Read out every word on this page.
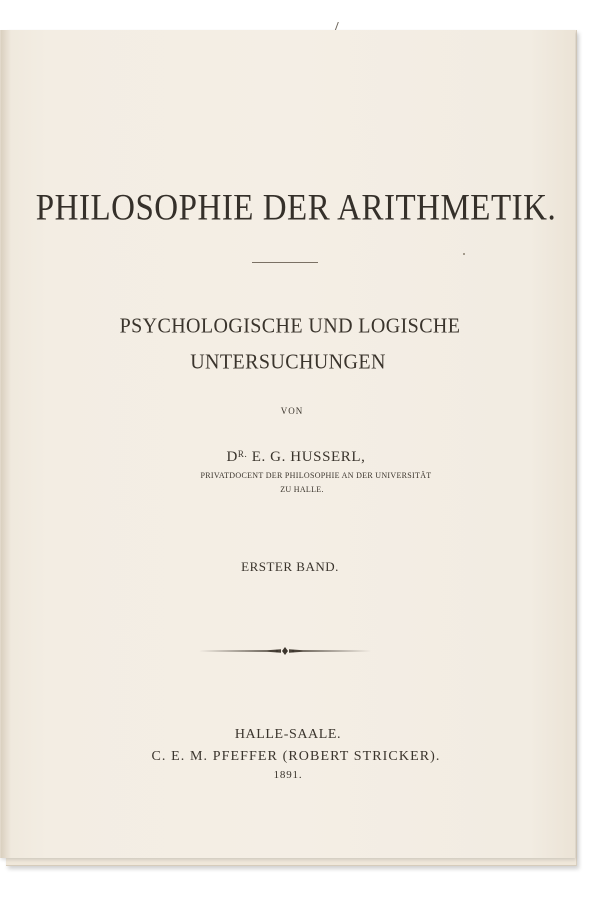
PHILOSOPHIE DER ARITHMETIK.
PSYCHOLOGISCHE UND LOGISCHE
UNTERSUCHUNGEN
VON
$D^{R.}$ E. G. HUSSERL,
PRIVATDOCENT DER PHILOSOPHIE AN DER UNIVERSITÄT
ZU HALLE.
ERSTER BAND.
HALLE-SAALE.
C. E. M. PFEFFER (ROBERT STRICKER).
1891.
